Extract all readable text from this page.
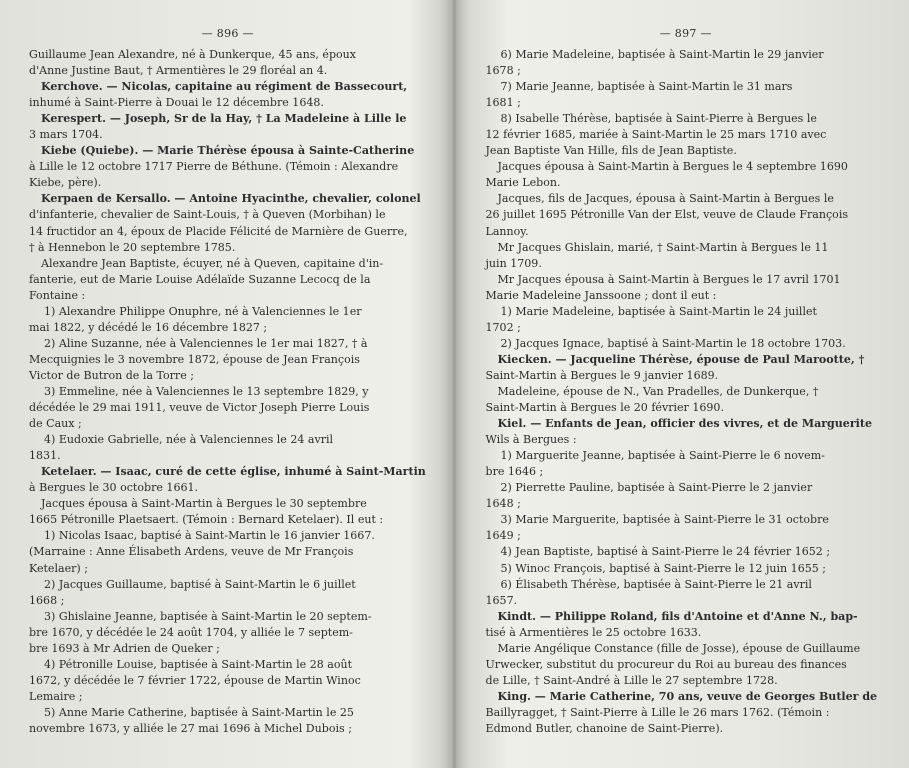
— 896 —

Guillaume Jean Alexandre, né à Dunkerque, 45 ans, époux

d'Anne Justine Baut, † Armentières le 29 floréal an 4.

Kerchove. — Nicolas, capitaine au régiment de Bassecourt,

inhumé à Saint-Pierre à Douai le 12 décembre 1648.

Kerespert. — Joseph, Sr de la Hay, † La Madeleine à Lille le

3 mars 1704.

Kiebe (Quiebe). — Marie Thérèse épousa à Sainte-Catherine

à Lille le 12 octobre 1717 Pierre de Béthune. (Témoin : Alexandre

Kiebe, père).

Kerpaen de Kersallo. — Antoine Hyacinthe, chevalier, colonel

d'infanterie, chevalier de Saint-Louis, † à Queven (Morbihan) le

14 fructidor an 4, époux de Placide Félicité de Marnière de Guerre,

† à Hennebon le 20 septembre 1785.

Alexandre Jean Baptiste, écuyer, né à Queven, capitaine d'in-

fanterie, eut de Marie Louise Adélaïde Suzanne Lecocq de la

Fontaine :

1) Alexandre Philippe Onuphre, né à Valenciennes le 1er

mai 1822, y décédé le 16 décembre 1827 ;

2) Aline Suzanne, née à Valenciennes le 1er mai 1827, † à

Mecquignies le 3 novembre 1872, épouse de Jean François

Victor de Butron de la Torre ;

3) Emmeline, née à Valenciennes le 13 septembre 1829, y

décédée le 29 mai 1911, veuve de Victor Joseph Pierre Louis

de Caux ;

4) Eudoxie Gabrielle, née à Valenciennes le 24 avril

1831.

Ketelaer. — Isaac, curé de cette église, inhumé à Saint-Martin

à Bergues le 30 octobre 1661.

Jacques épousa à Saint-Martin à Bergues le 30 septembre

1665 Pétronille Plaetsaert. (Témoin : Bernard Ketelaer). Il eut :

1) Nicolas Isaac, baptisé à Saint-Martin le 16 janvier 1667.

(Marraine : Anne Élisabeth Ardens, veuve de Mr François

Ketelaer) ;

2) Jacques Guillaume, baptisé à Saint-Martin le 6 juillet

1668 ;

3) Ghislaine Jeanne, baptisée à Saint-Martin le 20 septem-

bre 1670, y décédée le 24 août 1704, y alliée le 7 septem-

bre 1693 à Mr Adrien de Queker ;

4) Pétronille Louise, baptisée à Saint-Martin le 28 août

1672, y décédée le 7 février 1722, épouse de Martin Winoc

Lemaire ;

5) Anne Marie Catherine, baptisée à Saint-Martin le 25

novembre 1673, y alliée le 27 mai 1696 à Michel Dubois ;

— 897 —

6) Marie Madeleine, baptisée à Saint-Martin le 29 janvier

1678 ;

7) Marie Jeanne, baptisée à Saint-Martin le 31 mars

1681 ;

8) Isabelle Thérèse, baptisée à Saint-Pierre à Bergues le

12 février 1685, mariée à Saint-Martin le 25 mars 1710 avec

Jean Baptiste Van Hille, fils de Jean Baptiste.

Jacques épousa à Saint-Martin à Bergues le 4 septembre 1690

Marie Lebon.

Jacques, fils de Jacques, épousa à Saint-Martin à Bergues le

26 juillet 1695 Pétronille Van der Elst, veuve de Claude François

Lannoy.

Mr Jacques Ghislain, marié, † Saint-Martin à Bergues le 11

juin 1709.

Mr Jacques épousa à Saint-Martin à Bergues le 17 avril 1701

Marie Madeleine Janssoone ; dont il eut :

1) Marie Madeleine, baptisée à Saint-Martin le 24 juillet

1702 ;

2) Jacques Ignace, baptisé à Saint-Martin le 18 octobre 1703.

Kiecken. — Jacqueline Thérèse, épouse de Paul Marootte, †

Saint-Martin à Bergues le 9 janvier 1689.

Madeleine, épouse de N., Van Pradelles, de Dunkerque, †

Saint-Martin à Bergues le 20 février 1690.

Kiel. — Enfants de Jean, officier des vivres, et de Marguerite

Wils à Bergues :

1) Marguerite Jeanne, baptisée à Saint-Pierre le 6 novem-

bre 1646 ;

2) Pierrette Pauline, baptisée à Saint-Pierre le 2 janvier

1648 ;

3) Marie Marguerite, baptisée à Saint-Pierre le 31 octobre

1649 ;

4) Jean Baptiste, baptisé à Saint-Pierre le 24 février 1652 ;

5) Winoc François, baptisé à Saint-Pierre le 12 juin 1655 ;

6) Élisabeth Thérèse, baptisée à Saint-Pierre le 21 avril

1657.

Kindt. — Philippe Roland, fils d'Antoine et d'Anne N., bap-

tisé à Armentières le 25 octobre 1633.

Marie Angélique Constance (fille de Josse), épouse de Guillaume

Urwecker, substitut du procureur du Roi au bureau des finances

de Lille, † Saint-André à Lille le 27 septembre 1728.

King. — Marie Catherine, 70 ans, veuve de Georges Butler de

Baillyragget, † Saint-Pierre à Lille le 26 mars 1762. (Témoin :

Edmond Butler, chanoine de Saint-Pierre).
